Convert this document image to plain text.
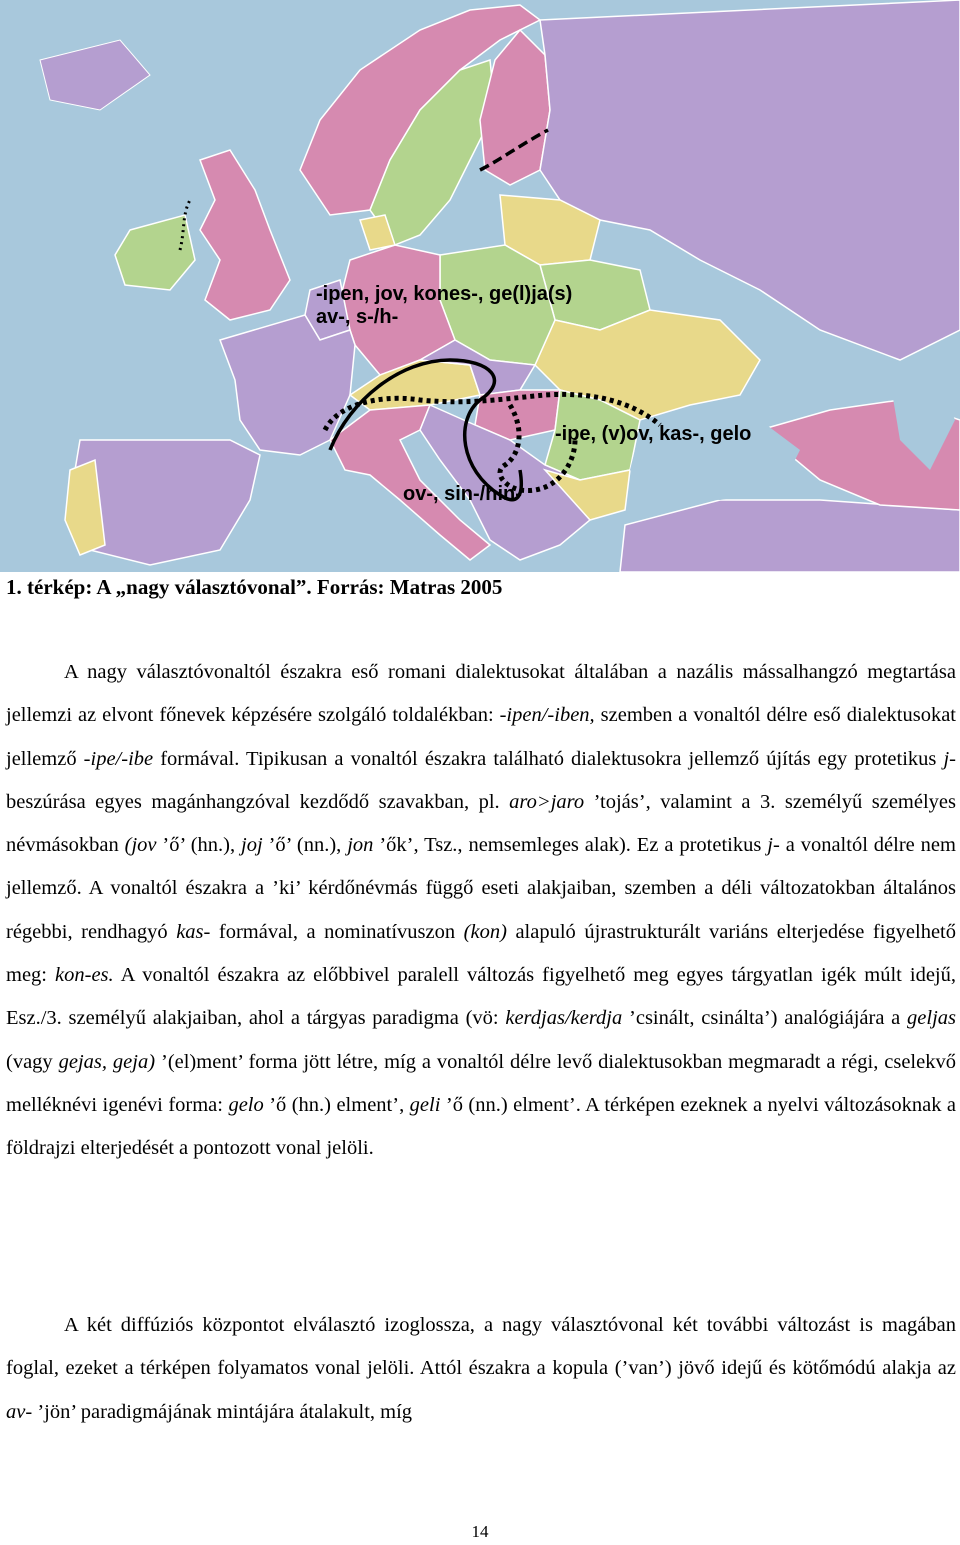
-ipen, jov, kones-, ge(l)ja(s)
av-, s-/h-
-ipe, (v)ov, kas-, gelo
ov-, sin-/hin-
1. térkép: A „nagy választóvonal”. Forrás: Matras 2005

A nagy választóvonaltól északra eső romani dialektusokat általában a nazális mássalhangzó megtartása jellemzi az elvont főnevek képzésére szolgáló toldalékban: -ipen/-iben, szemben a vonaltól délre eső dialektusokat jellemző -ipe/-ibe formával. Tipikusan a vonaltól északra található dialektusokra jellemző újítás egy protetikus j- beszúrása egyes magánhangzóval kezdődő szavakban, pl. aro>jaro ’tojás’, valamint a 3. személyű személyes névmásokban (jov ’ő’ (hn.), joj ’ő’ (nn.), jon ’ők’, Tsz., nemsemleges alak). Ez a protetikus j- a vonaltól délre nem jellemző. A vonaltól északra a ’ki’ kérdőnévmás függő eseti alakjaiban, szemben a déli változatokban általános régebbi, rendhagyó kas- formával, a nominatívuszon (kon) alapuló újrastrukturált variáns elterjedése figyelhető meg: kon-es. A vonaltól északra az előbbivel paralell változás figyelhető meg egyes tárgyatlan igék múlt idejű, Esz./3. személyű alakjaiban, ahol a tárgyas paradigma (vö: kerdjas/kerdja ’csinált, csinálta’) analógiájára a geljas (vagy gejas, geja) ’(el)ment’ forma jött létre, míg a vonaltól délre levő dialektusokban megmaradt a régi, cselekvő melléknévi igenévi forma: gelo ’ő (hn.) elment’, geli ’ő (nn.) elment’. A térképen ezeknek a nyelvi változásoknak a földrajzi elterjedését a pontozott vonal jelöli.

A két diffúziós központot elválasztó izoglossza, a nagy választóvonal két további változást is magában foglal, ezeket a térképen folyamatos vonal jelöli. Attól északra a kopula (’van’) jövő idejű és kötőmódú alakja az av- ’jön’ paradigmájának mintájára átalakult, míg

14
